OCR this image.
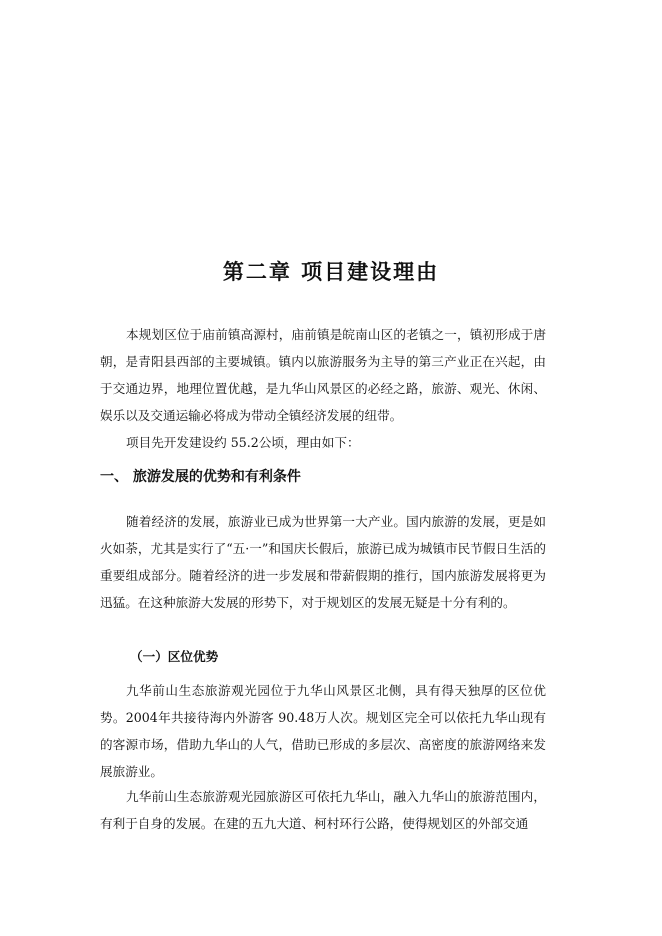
第二章 项目建设理由

本规划区位于庙前镇高源村，庙前镇是皖南山区的老镇之一，镇初形成于唐朝，是青阳县西部的主要城镇。镇内以旅游服务为主导的第三产业正在兴起，由于交通边界，地理位置优越，是九华山风景区的必经之路，旅游、观光、休闲、娱乐以及交通运输必将成为带动全镇经济发展的纽带。

项目先开发建设约 55.2公顷，理由如下：

一、 旅游发展的优势和有利条件

随着经济的发展，旅游业已成为世界第一大产业。国内旅游的发展，更是如火如荼，尤其是实行了“五·一”和国庆长假后，旅游已成为城镇市民节假日生活的重要组成部分。随着经济的进一步发展和带薪假期的推行，国内旅游发展将更为迅猛。在这种旅游大发展的形势下，对于规划区的发展无疑是十分有利的。

（一）区位优势

九华前山生态旅游观光园位于九华山风景区北侧，具有得天独厚的区位优势。2004年共接待海内外游客 90.48万人次。规划区完全可以依托九华山现有的客源市场，借助九华山的人气，借助已形成的多层次、高密度的旅游网络来发展旅游业。

九华前山生态旅游观光园旅游区可依托九华山，融入九华山的旅游范围内，有利于自身的发展。在建的五九大道、柯村环行公路，使得规划区的外部交通
